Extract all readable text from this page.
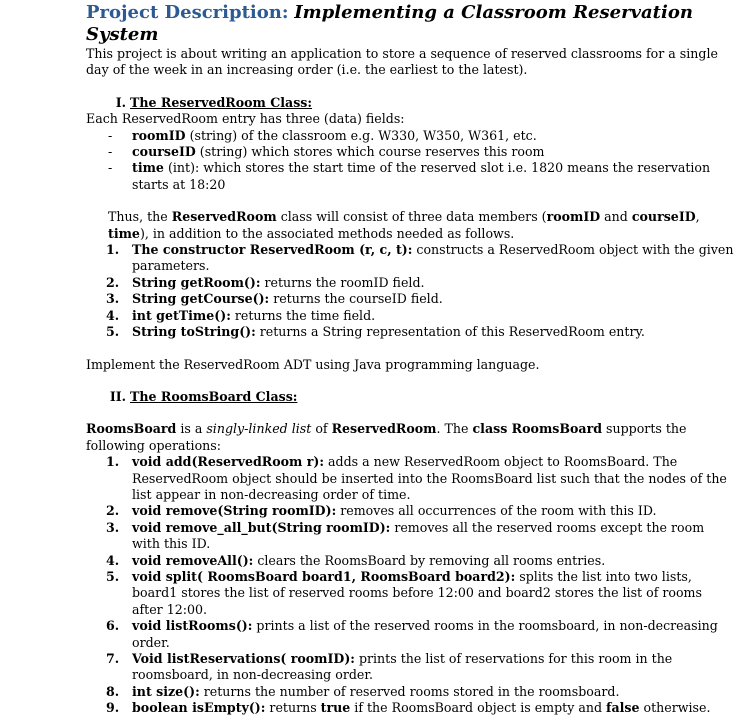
Project Description: Implementing a Classroom Reservation System

This project is about writing an application to store a sequence of reserved classrooms for a single day of the week in an increasing order (i.e. the earliest to the latest).

I. The ReservedRoom Class:

Each ReservedRoom entry has three (data) fields:

- roomID (string) of the classroom e.g. W330, W350, W361, etc.
- courseID (string) which stores which course reserves this room
- time (int): which stores the start time of the reserved slot i.e. 1820 means the reservation starts at 18:20

Thus, the ReservedRoom class will consist of three data members (roomID and courseID, time), in addition to the associated methods needed as follows.

1. The constructor ReservedRoom (r, c, t): constructs a ReservedRoom object with the given parameters.
2. String getRoom(): returns the roomID field.
3. String getCourse(): returns the courseID field.
4. int getTime(): returns the time field.
5. String toString(): returns a String representation of this ReservedRoom entry.

Implement the ReservedRoom ADT using Java programming language.

II. The RoomsBoard Class:

RoomsBoard is a singly-linked list of ReservedRoom. The class RoomsBoard supports the following operations:

1. void add(ReservedRoom r): adds a new ReservedRoom object to RoomsBoard. The ReservedRoom object should be inserted into the RoomsBoard list such that the nodes of the list appear in non-decreasing order of time.
2. void remove(String roomID): removes all occurrences of the room with this ID.
3. void remove_all_but(String roomID): removes all the reserved rooms except the room with this ID.
4. void removeAll(): clears the RoomsBoard by removing all rooms entries.
5. void split( RoomsBoard board1, RoomsBoard board2): splits the list into two lists, board1 stores the list of reserved rooms before 12:00 and board2 stores the list of rooms after 12:00.
6. void listRooms(): prints a list of the reserved rooms in the roomsboard, in non-decreasing order.
7. Void listReservations( roomID): prints the list of reservations for this room in the roomsboard, in non-decreasing order.
8. int size(): returns the number of reserved rooms stored in the roomsboard.
9. boolean isEmpty(): returns true if the RoomsBoard object is empty and false otherwise.
